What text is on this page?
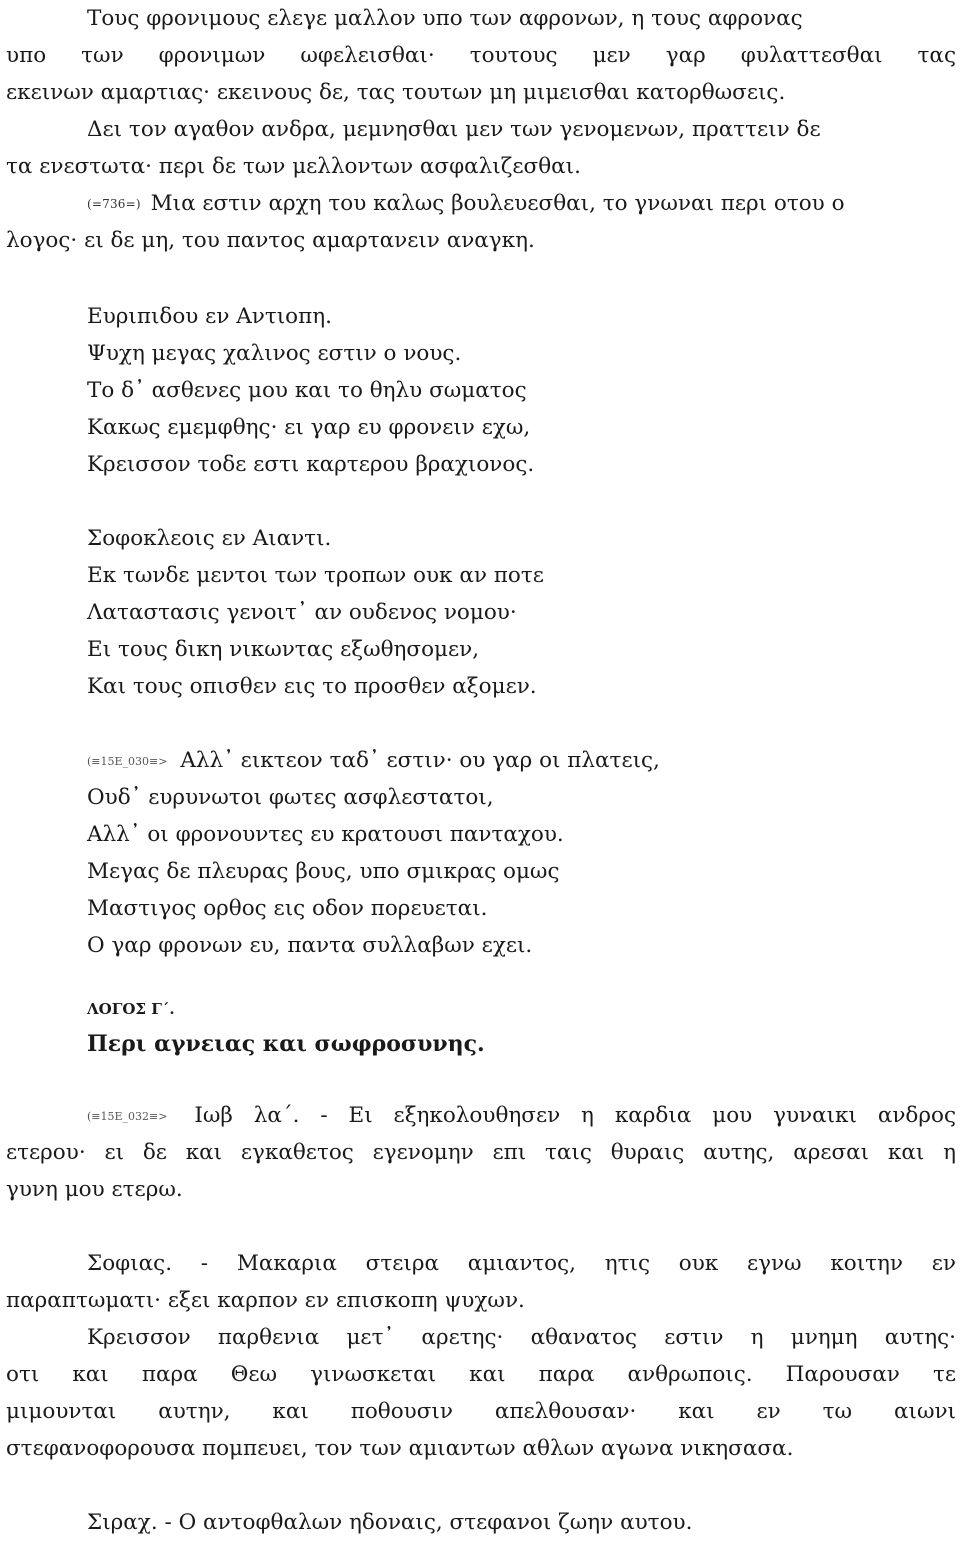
Τους φρονιμους ελεγε μαλλον υπο των αφρονων, η τους αφρονας
υπο των φρονιμων ωφελεισθαι· τουτους μεν γαρ φυλαττεσθαι τας
εκεινων αμαρτιας· εκεινους δε, τας τουτων μη μιμεισθαι κατορθωσεις.
Δει τον αγαθον ανδρα, μεμνησθαι μεν των γενομενων, πραττειν δε
τα ενεστωτα· περι δε των μελλοντων ασφαλιζεσθαι.
(=736=) Μια εστιν αρχη του καλως βουλευεσθαι, το γνωναι περι οτου ο
λογος· ει δε μη, του παντος αμαρτανειν αναγκη.
Ευριπιδου εν Αντιοπη.
Ψυχη μεγας χαλινος εστιν ο νους.
Το δ᾽ ασθενες μου και το θηλυ σωματος
Κακως εμεμφθης· ει γαρ ευ φρονειν εχω,
Κρεισσον τοδε εστι καρτερου βραχιονος.
Σοφοκλεοις εν Αιαντι.
Εκ τωνδε μεντοι των τροπων ουκ αν ποτε
Λαταστασις γενοιτ᾽ αν ουδενος νομου·
Ει τους δικη νικωντας εξωθησομεν,
Και τους οπισθεν εις το προσθεν αξομεν.
(≡15E_030≡> Αλλ᾽ εικτεον ταδ᾽ εστιν· ου γαρ οι πλατεις,
Ουδ᾽ ευρυνωτοι φωτες ασφλεστατοι,
Αλλ᾽ οι φρονουντες ευ κρατουσι πανταχου.
Μεγας δε πλευρας βους, υπο σμικρας ομως
Μαστιγος ορθος εις οδον πορευεται.
Ο γαρ φρονων ευ, παντα συλλαβων εχει.
ΛΟΓΟΣ Γ΄.
Περι αγνειας και σωφροσυνης.
(≡15E_032≡> Ιωβ λα΄. - Ει εξηκολουθησεν η καρδια μου γυναικι ανδρος
ετερου· ει δε και εγκαθετος εγενομην επι ταις θυραις αυτης, αρεσαι και η
γυνη μου ετερω.
Σοφιας. - Μακαρια στειρα αμιαντος, ητις ουκ εγνω κοιτην εν
παραπτωματι· εξει καρπον εν επισκοπη ψυχων.
Κρεισσον παρθενια μετ᾽ αρετης· αθανατος εστιν η μνημη αυτης·
οτι και παρα Θεω γινωσκεται και παρα ανθρωποις. Παρουσαν τε
μιμουνται αυτην, και ποθουσιν απελθουσαν· και εν τω αιωνι
στεφανοφορουσα πομπευει, τον των αμιαντων αθλων αγωνα νικησασα.
Σιραχ. - Ο αντοφθαλων ηδοναις, στεφανοι ζωην αυτου.
